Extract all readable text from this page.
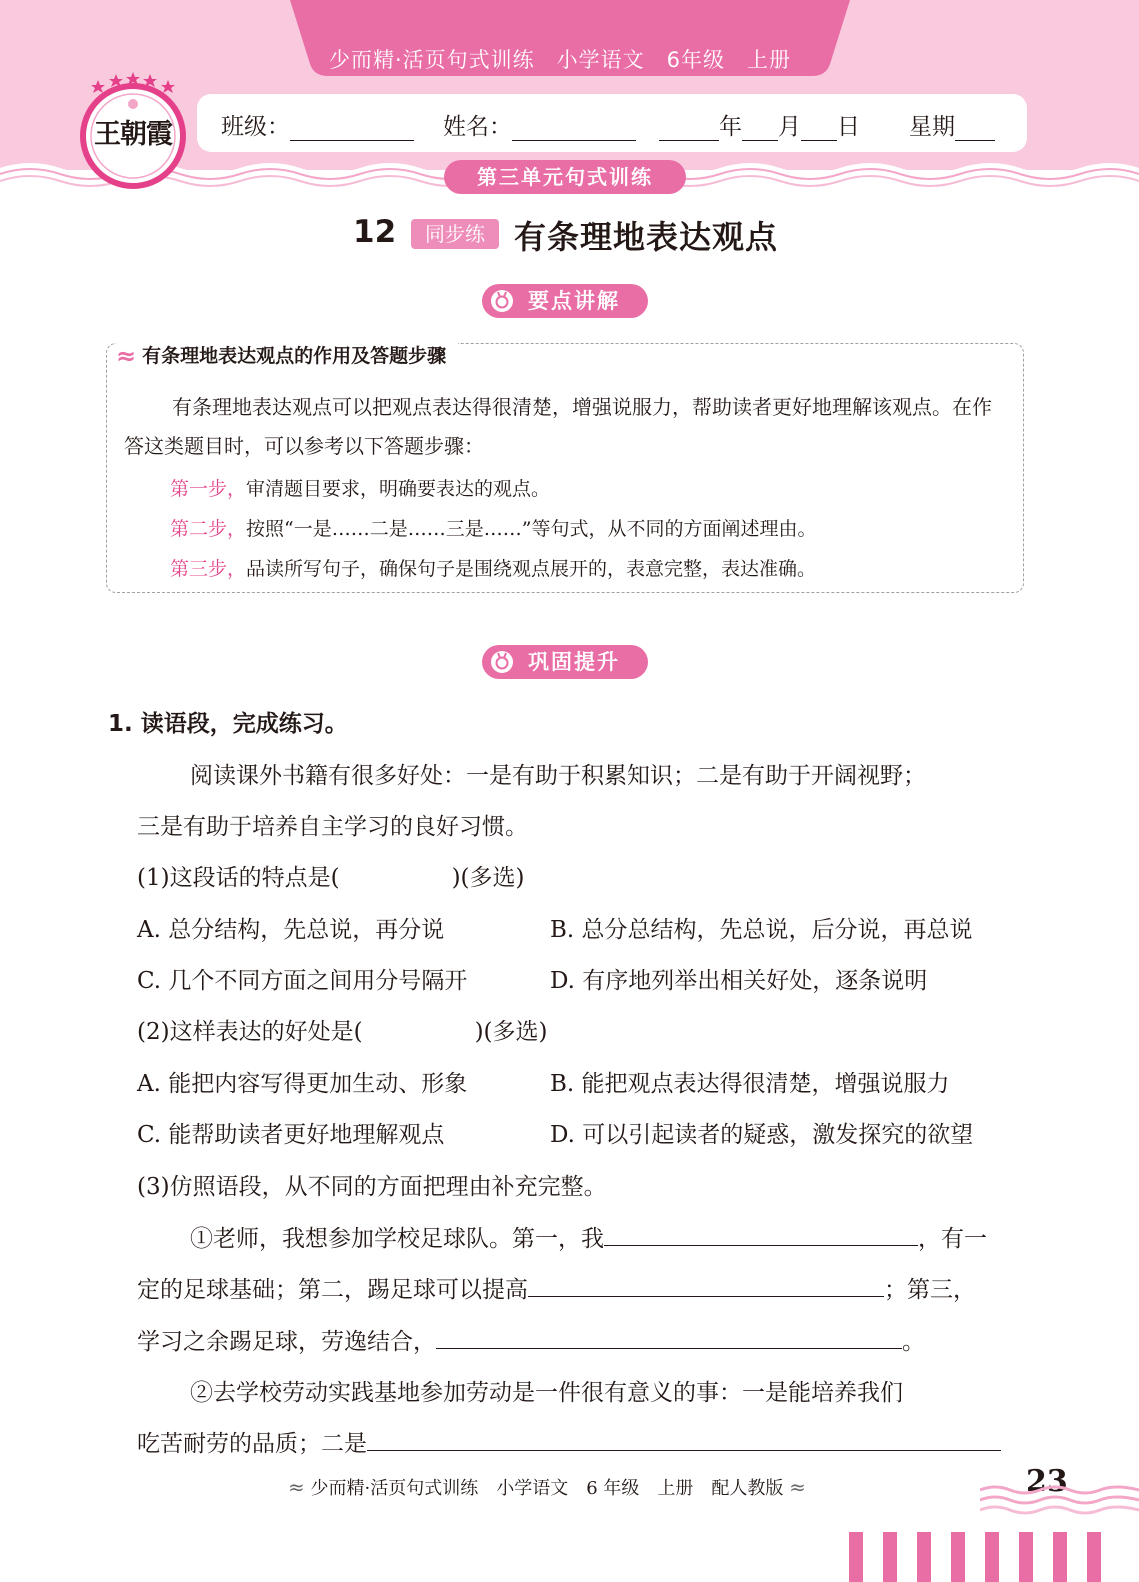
少而精·活页句式训练　小学语文　6年级　上册
班级：	姓名：	年 月 日 星期
王朝霞
第三单元句式训练
12	同步练 有条理地表达观点
要点讲解
≈ 有条理地表达观点的作用及答题步骤
有条理地表达观点可以把观点表达得很清楚，增强说服力，帮助读者更好地理解该观点。在作答这类题目时，可以参考以下答题步骤：
第一步，审清题目要求，明确要表达的观点。
第二步，按照“一是……二是……三是……”等句式，从不同的方面阐述理由。
第三步，品读所写句子，确保句子是围绕观点展开的，表意完整，表达准确。
巩固提升
1. 读语段，完成练习。
阅读课外书籍有很多好处：一是有助于积累知识；二是有助于开阔视野；
三是有助于培养自主学习的良好习惯。
(1)这段话的特点是(	)(多选)
A. 总分结构，先总说，再分说	B. 总分总结构，先总说，后分说，再总说
C. 几个不同方面之间用分号隔开	D. 有序地列举出相关好处，逐条说明
(2)这样表达的好处是(	)(多选)
A. 能把内容写得更加生动、形象	B. 能把观点表达得很清楚，增强说服力
C. 能帮助读者更好地理解观点	D. 可以引起读者的疑惑，激发探究的欲望
(3)仿照语段，从不同的方面把理由补充完整。
①老师，我想参加学校足球队。第一，我	，有一
定的足球基础；第二，踢足球可以提高	；第三，
学习之余踢足球，劳逸结合，	。
②去学校劳动实践基地参加劳动是一件很有意义的事：一是能培养我们
吃苦耐劳的品质；二是
≈ 少而精·活页句式训练　小学语文　6 年级　上册　配人教版 ≈	23
